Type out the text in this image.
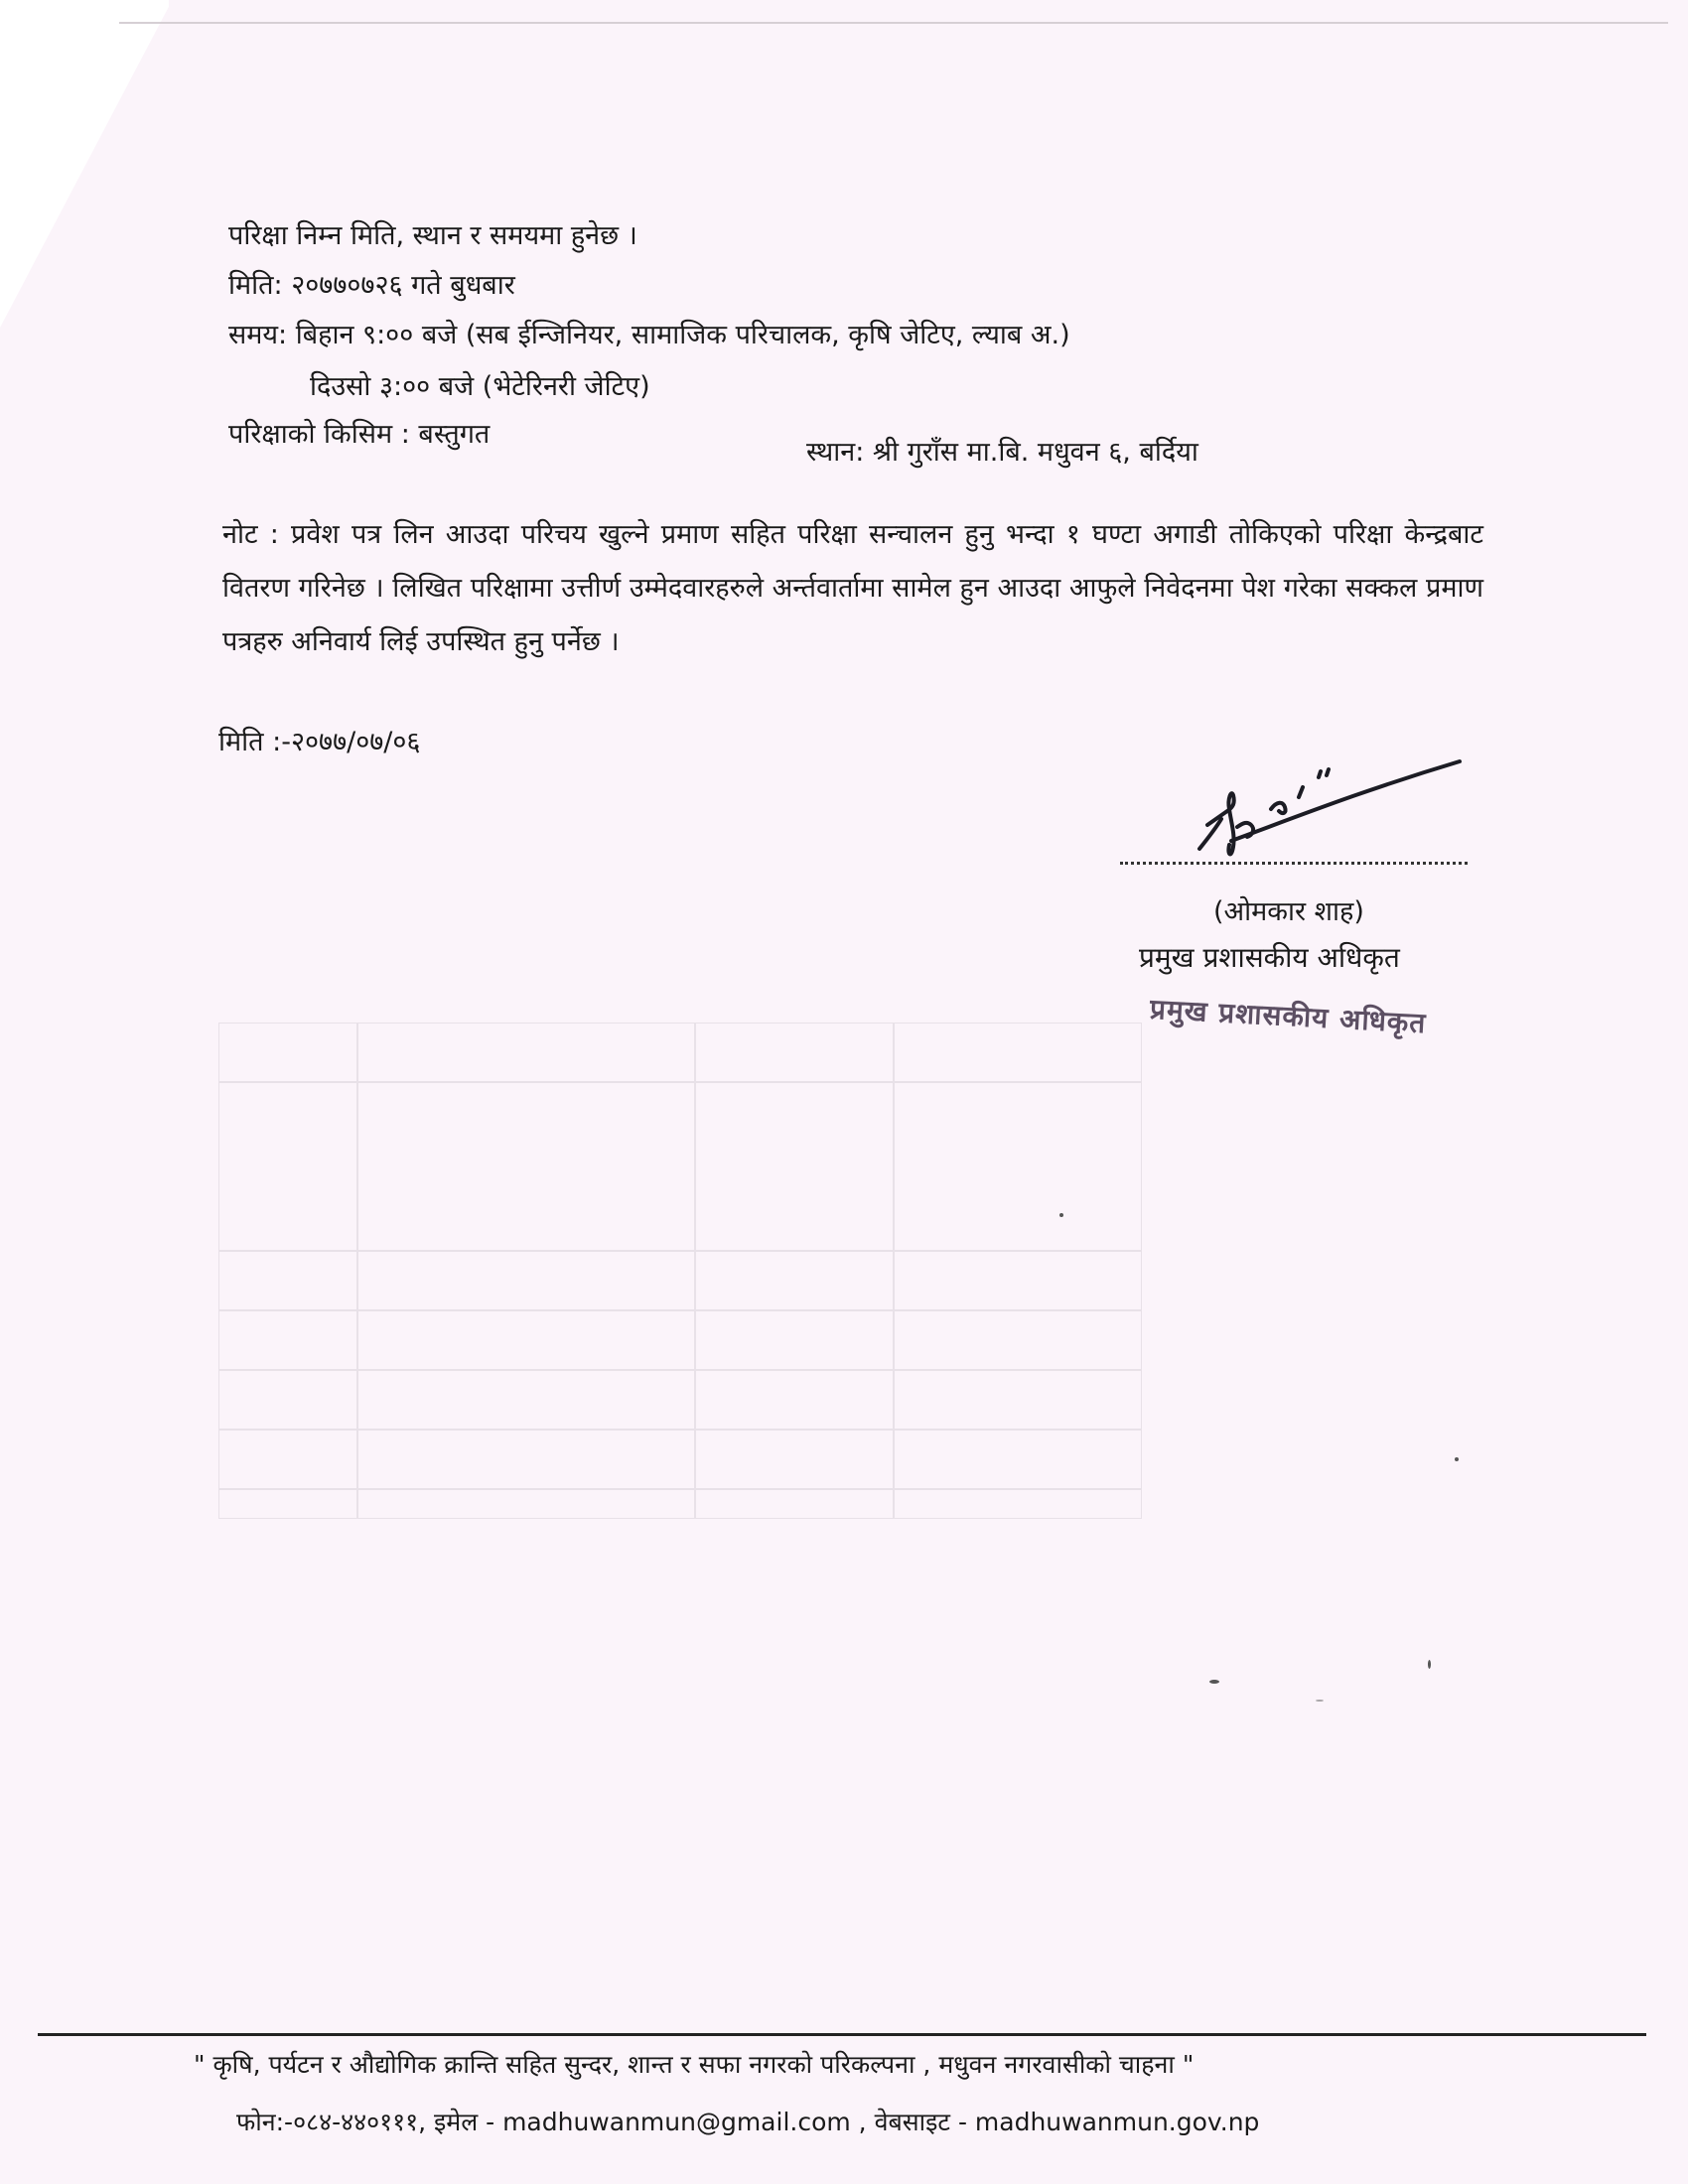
परिक्षा निम्न मिति, स्थान र समयमा हुनेछ ।
मिति: २०७७०७२६ गते बुधबार
समय: बिहान ९:०० बजे (सब ईन्जिनियर, सामाजिक परिचालक, कृषि जेटिए, ल्याब अ.)
दिउसो ३:०० बजे (भेटेरिनरी जेटिए)
परिक्षाको किसिम : बस्तुगत
स्थान: श्री गुराँस मा.बि. मधुवन ६, बर्दिया
नोट : प्रवेश पत्र लिन आउदा परिचय खुल्ने प्रमाण सहित परिक्षा सन्चालन हुनु भन्दा १ घण्टा अगाडी तोकिएको परिक्षा केन्द्रबाट वितरण गरिनेछ । लिखित परिक्षामा उत्तीर्ण उम्मेदवारहरुले अर्न्तवार्तामा सामेल हुन आउदा आफुले निवेदनमा पेश गरेका सक्कल प्रमाण पत्रहरु अनिवार्य लिई उपस्थित हुनु पर्नेछ ।
मिति :-२०७७/०७/०६
(ओमकार शाह)
प्रमुख प्रशासकीय अधिकृत
प्रमुख प्रशासकीय अधिकृत
" कृषि, पर्यटन र औद्योगिक क्रान्ति सहित सुन्दर, शान्त र सफा नगरको परिकल्पना , मधुवन नगरवासीको चाहना "
फोन:-०८४-४४०१११, इमेल - madhuwanmun@gmail.com , वेबसाइट - madhuwanmun.gov.np
